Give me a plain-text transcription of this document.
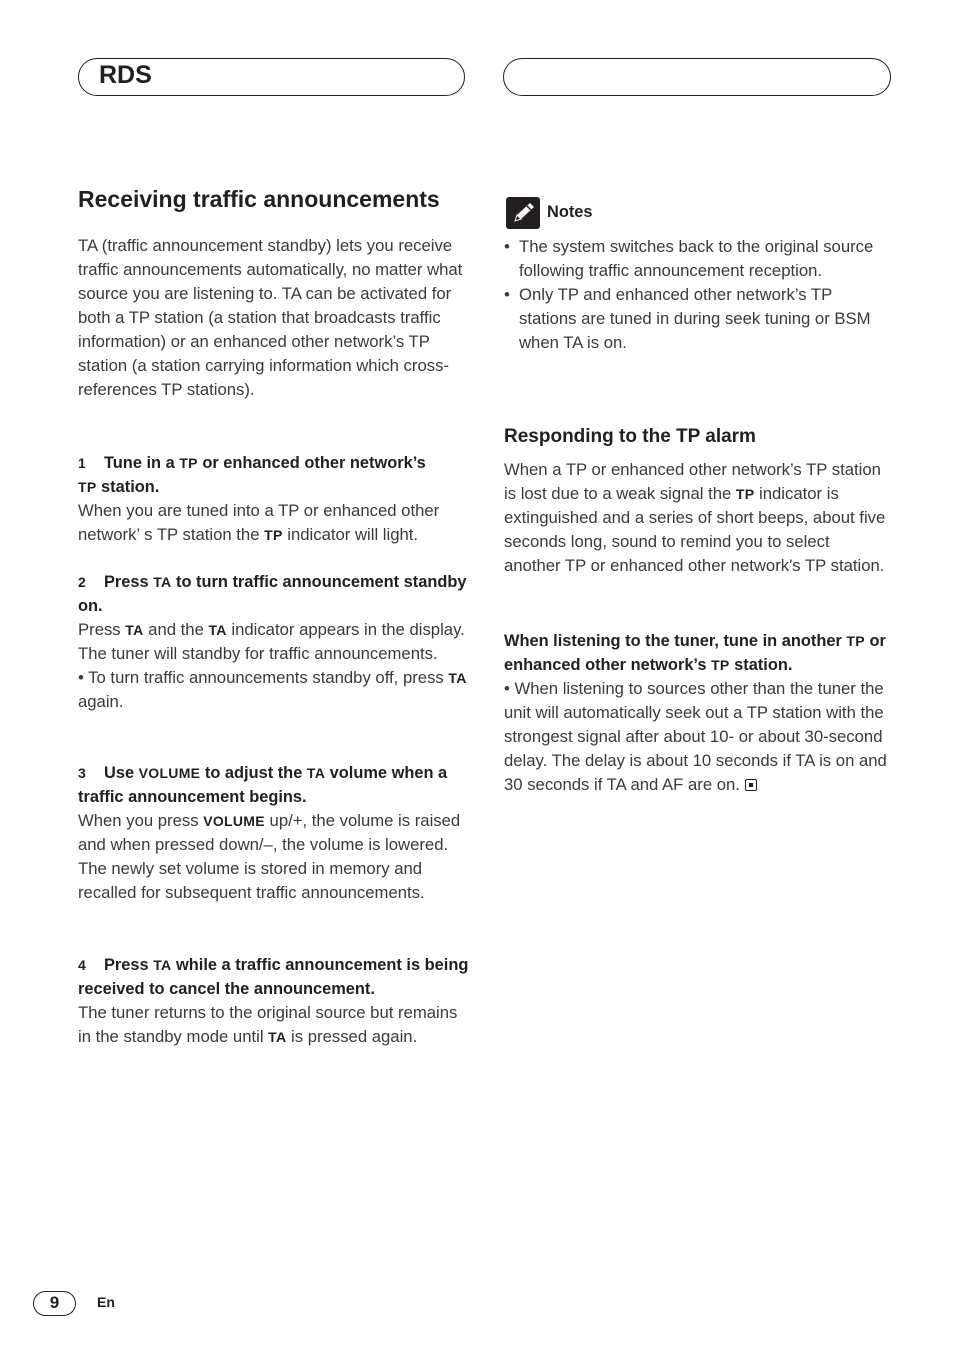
RDS
Receiving traffic announcements

TA (traffic announcement standby) lets you receive traffic announcements automatically, no matter what source you are listening to. TA can be activated for both a TP station (a station that broadcasts traffic information) or an enhanced other network’s TP station (a station carrying information which cross-references TP stations).

1 Tune in a TP or enhanced other network’s
TP station.

When you are tuned into a TP or enhanced other network’ s TP station the TP indicator will light.

2 Press TA to turn traffic announcement standby on.

Press TA and the TA indicator appears in the display. The tuner will standby for traffic announcements.

• To turn traffic announcements standby off, press TA again.

3 Use VOLUME to adjust the TA volume when a traffic announcement begins.

When you press VOLUME up/+, the volume is raised and when pressed down/–, the volume is lowered.

The newly set volume is stored in memory and recalled for subsequent traffic announcements.

4 Press TA while a traffic announcement is being received to cancel the announcement.

The tuner returns to the original source but remains in the standby mode until TA is pressed again.

Notes
• The system switches back to the original source following traffic announcement reception.
• Only TP and enhanced other network’s TP stations are tuned in during seek tuning or BSM when TA is on.
Responding to the TP alarm

When a TP or enhanced other network’s TP station is lost due to a weak signal the TP indicator is extinguished and a series of short beeps, about five seconds long, sound to remind you to select another TP or enhanced other network's TP station.

When listening to the tuner, tune in another TP or enhanced other network’s TP station.

• When listening to sources other than the tuner the unit will automatically seek out a TP station with the strongest signal after about 10- or about 30-second delay. The delay is about 10 seconds if TA is on and 30 seconds if TA and AF are on.

9	En
